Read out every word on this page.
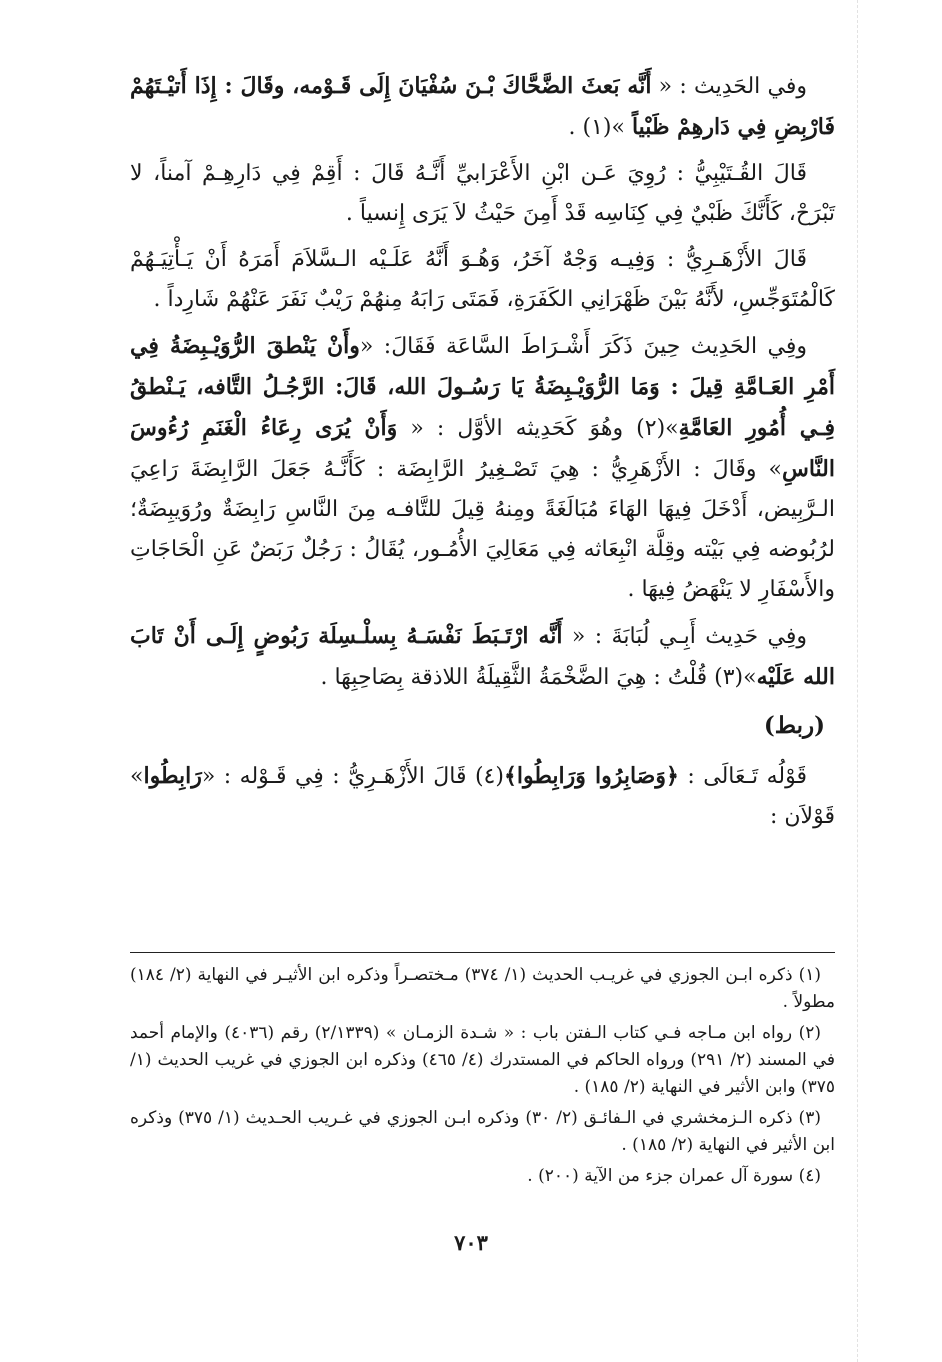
وفي الحَدِيث : « أَنَّه بَعثَ الضَّحَّاكَ بْـنَ سُفْيَانَ إِلَى قَـوْمه، وقَالَ : إِذَا أَتيْـتَهُمْ فَارْبِضِ فِي دَارهِمْ ظَبْياً »(١) .

قَالَ القُـتَيْبِيُّ : رُوِيَ عَـن ابْنِ الأَعْرَابيِّ أَنَّـهُ قَالَ : أَقِمْ فِي دَارِهِـمْ آمناً، لا تَبْرَحْ، كَأَنَّكَ ظَبْيٌ فِي كِنَاسِه قَدْ أَمِنَ حَيْثُ لاَ يَرَى إِنسياً .

قَالَ الأَزْهَـرِيُّ : وَفِيـه وَجْهٌ آخَرُ، وَهُـوَ أَنَّهُ عَلَـيْه الـسَّلاَمَ أَمَرَهُ أَنْ يَـأْتِيَـهُمْ كَالْمُتَوَجِّسِ، لأَنَّهُ بَيْنَ ظَهْرَانِي الكَفَرَةِ، فَمَتَى رَابَهُ مِنهُمْ رَيْبٌ نَفَرَ عَنْهُمْ شَارِداً .

وفِي الحَدِيث حِينَ ذَكَرَ أَشْـرَاطَ السَّاعَة فَقَالَ: «وأَنْ يَنْطقَ الرُّوَيْـبِضَةُ فِي أَمْرِ العَـامَّةِ قِيلَ : وَمَا الرُّوَيْـبِضَةُ يَا رَسُـولَ الله، قَالَ: الرَّجُـلُ التَّافه، يَـنْطقُ فِـي أُمُورِ العَامَّةِ»(٢) وهُوَ كَحَدِيثه الأوَّل : « وَأَنْ يُرَى رِعَاءُ الْغَنَمِ رُءُوسَ النَّاسِ» وقَالَ : الأَزْهَرِيُّ : هِيَ تَصْـغِيرُ الرَّابِضَة : كَأَنَّـهُ جَعَلَ الرَّابِضَةَ رَاعِيَ الـرَّبِيض، أَدْخَلَ فِيهَا الهَاءَ مُبَالَغَةً ومِنهُ قِيلَ للتَّافـه مِنَ النَّاسِ رَابِضَةٌ ورُوَيبِضَةٌ؛ لرُبُوضه فِي بَيْته وقِلَّة انْبِعَاثه فِي مَعَالِيَ الأُمُـور، يُقَالُ : رَجُلٌ رَبَضٌ عَنِ الْحَاجَاتِ والأَسْفَارِ لا يَنْهَضُ فِيهَا .

وفِي حَدِيث أَبِـي لُبَابَةَ : « أَنَّه ارْتَـبَطَ نَفْسَـهُ بِسلْـسِلَة رَبُوضٍ إِلَـى أَنْ تَابَ الله عَلَيْه»(٣) قُلْتُ : هِيَ الضَّخْمَةُ الثَّقِيلَةُ اللاذقة بِصَاحِبِهَا .

(ربط)

قَوْلُه تَـعَالَى : ﴿وَصَابِرُوا وَرَابِطُوا﴾(٤) قَالَ الأَزْهَـرِيُّ : فِي قَـوْله : «رَابِطُوا» قَوْلاَن :

(١) ذكره ابـن الجوزي في غريـب الحديث (١/ ٣٧٤) مـختصـراً وذكره ابن الأثيـر في النهاية (٢/ ١٨٤) مطولاً .

(٢) رواه ابن مـاجه فـي كتاب الـفتن باب : « شـدة الزمـان » (٢/١٣٣٩) رقم (٤٠٣٦) والإمام أحمد في المسند (٢/ ٢٩١) ورواه الحاكم في المستدرك (٤/ ٤٦٥) وذكره ابن الجوزي في غريب الحديث (١/ ٣٧٥) وابن الأثير في النهاية (٢/ ١٨٥) .

(٣) ذكره الـزمخشري في الـفائـق (٢/ ٣٠) وذكره ابـن الجوزي في غـريب الحـديث (١/ ٣٧٥) وذكره ابن الأثير في النهاية (٢/ ١٨٥) .

(٤) سورة آل عمران جزء من الآية (٢٠٠) .

٧٠٣
